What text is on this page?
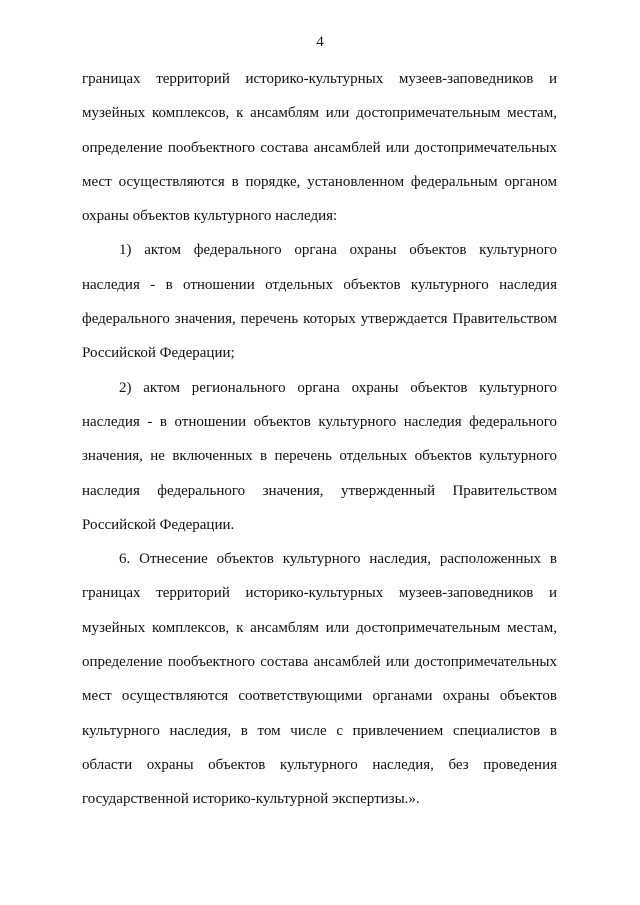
4
границах территорий историко-культурных музеев-заповедников и
музейных комплексов, к ансамблям или достопримечательным местам,
определение пообъектного состава ансамблей или достопримечательных
мест осуществляются в порядке, установленном федеральным органом
охраны объектов культурного наследия:
1) актом федерального органа охраны объектов культурного
наследия - в отношении отдельных объектов культурного наследия
федерального значения, перечень которых утверждается Правительством
Российской Федерации;
2) актом регионального органа охраны объектов культурного
наследия - в отношении объектов культурного наследия федерального
значения, не включенных в перечень отдельных объектов культурного
наследия федерального значения, утвержденный Правительством
Российской Федерации.
6. Отнесение объектов культурного наследия, расположенных в
границах территорий историко-культурных музеев-заповедников и
музейных комплексов, к ансамблям или достопримечательным местам,
определение пообъектного состава ансамблей или достопримечательных
мест осуществляются соответствующими органами охраны объектов
культурного наследия, в том числе с привлечением специалистов в
области охраны объектов культурного наследия, без проведения
государственной историко-культурной экспертизы.».
